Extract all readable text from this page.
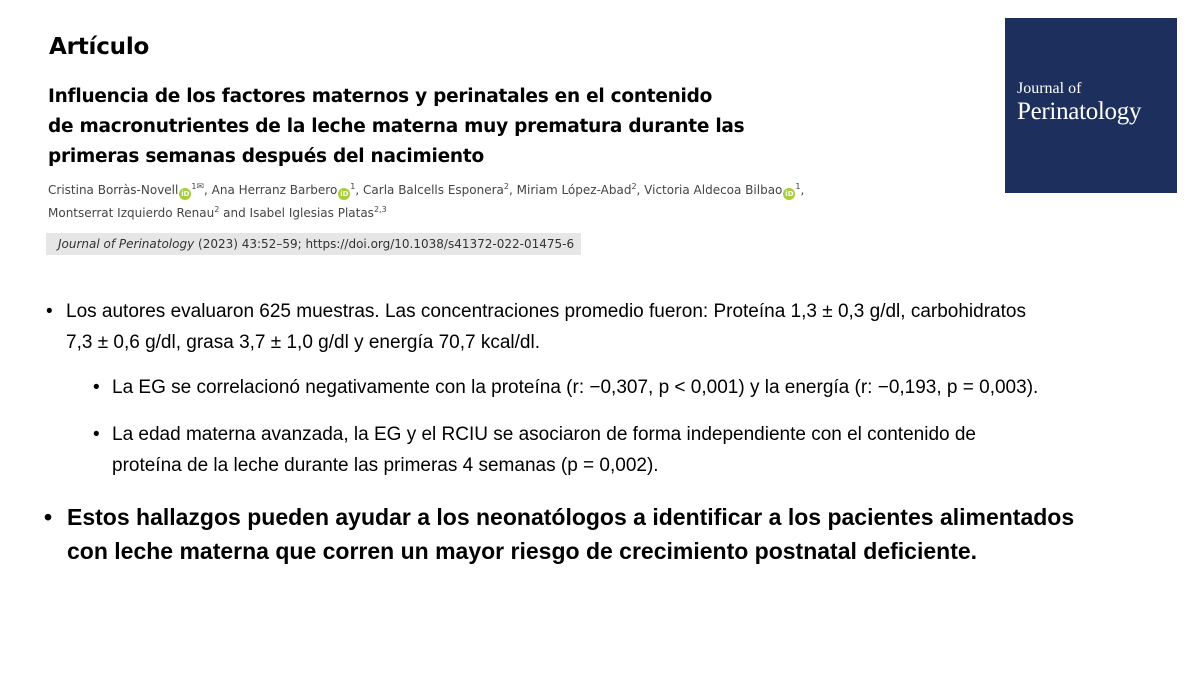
Artículo
Influencia de los factores maternos y perinatales en el contenido
de macronutrientes de la leche materna muy prematura durante las
primeras semanas después del nacimiento
Cristina Borràs-Novell $iD^{1✉}$, Ana Herranz Barbero $iD^1$, Carla Balcells Esponera$^2$, Miriam López-Abad$^2$, Victoria Aldecoa Bilbao $iD^1$,
Montserrat Izquierdo Renau$^2$ and Isabel Iglesias Platas$^{2,3}$
Journal of Perinatology (2023) 43:52–59; https://doi.org/10.1038/s41372-022-01475-6
Journal of
Perinatology
• Los autores evaluaron 625 muestras. Las concentraciones promedio fueron: Proteína 1,3 ± 0,3 g/dl, carbohidratos
7,3 ± 0,6 g/dl, grasa 3,7 ± 1,0 g/dl y energía 70,7 kcal/dl.
• La EG se correlacionó negativamente con la proteína (r: −0,307, p < 0,001) y la energía (r: −0,193, p = 0,003).
• La edad materna avanzada, la EG y el RCIU se asociaron de forma independiente con el contenido de
proteína de la leche durante las primeras 4 semanas (p = 0,002).
• Estos hallazgos pueden ayudar a los neonatólogos a identificar a los pacientes alimentados
con leche materna que corren un mayor riesgo de crecimiento postnatal deficiente.
